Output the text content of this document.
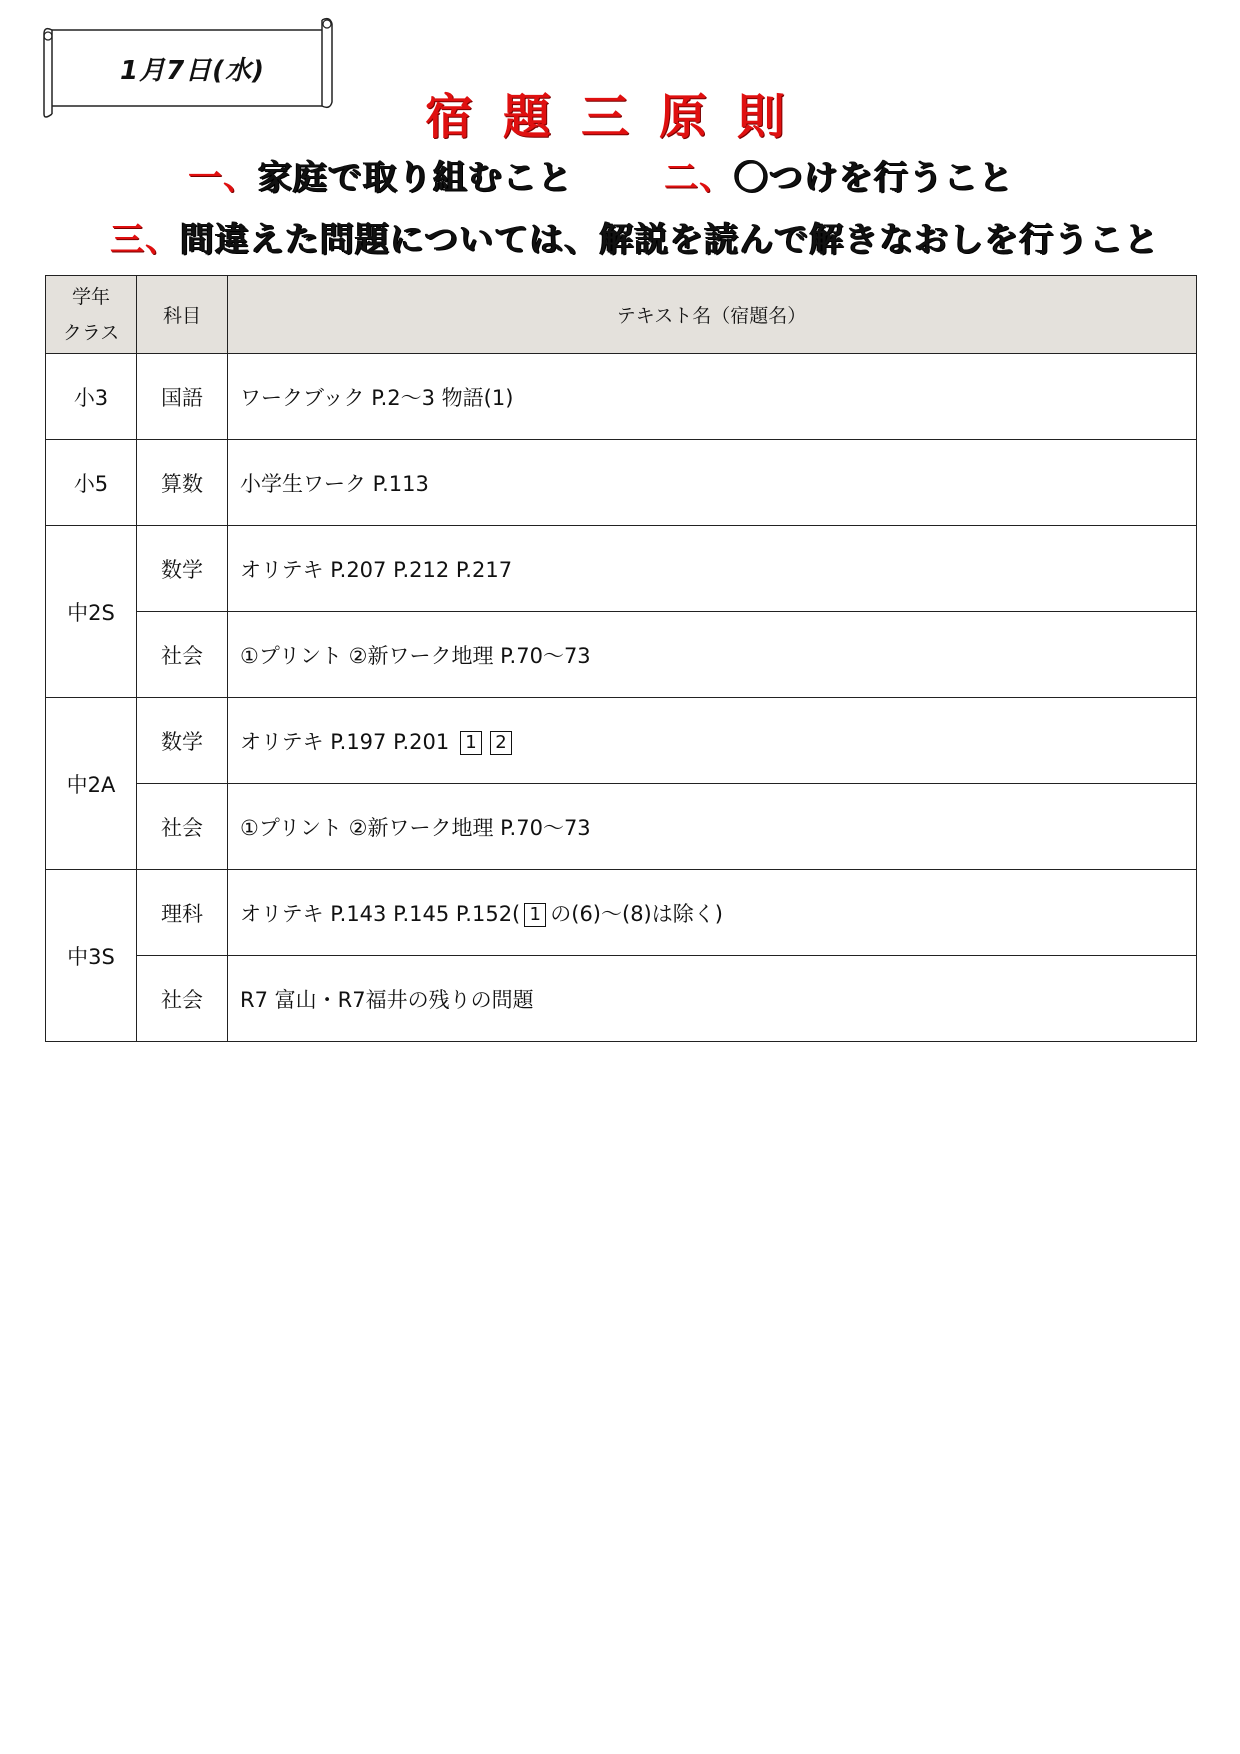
1月7日(水)
宿題三原則
一、家庭で取り組むこと	二、〇つけを行うこと
三、間違えた問題については、解説を読んで解きなおしを行うこと
学年
クラス	科目	テキスト名（宿題名）
小3	国語	ワークブック P.2～3 物語(1)
小5	算数	小学生ワーク P.113
中2S	数学	オリテキ P.207 P.212 P.217
	社会	①プリント ②新ワーク地理 P.70～73
中2A	数学	オリテキ P.197 P.201 1 2
	社会	①プリント ②新ワーク地理 P.70～73
中3S	理科	オリテキ P.143 P.145 P.152( 1 の(6)～(8)は除く)
	社会	R7 富山・R7福井の残りの問題
